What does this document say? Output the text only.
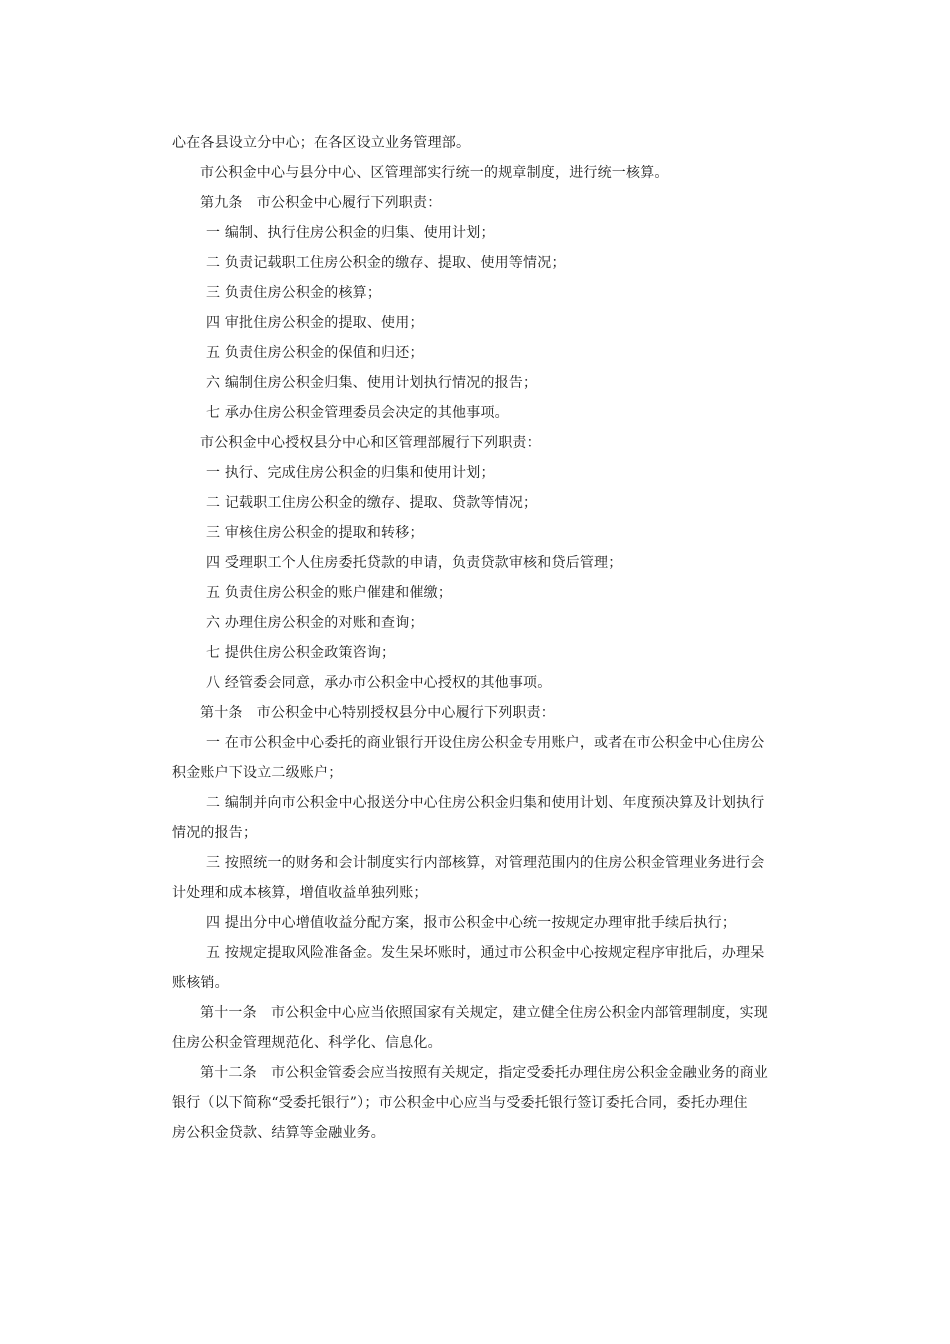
心在各县设立分中心；在各区设立业务管理部。
市公积金中心与县分中心、区管理部实行统一的规章制度，进行统一核算。
第九条　市公积金中心履行下列职责：
一 编制、执行住房公积金的归集、使用计划；
二 负责记载职工住房公积金的缴存、提取、使用等情况；
三 负责住房公积金的核算；
四 审批住房公积金的提取、使用；
五 负责住房公积金的保值和归还；
六 编制住房公积金归集、使用计划执行情况的报告；
七 承办住房公积金管理委员会决定的其他事项。
市公积金中心授权县分中心和区管理部履行下列职责：
一 执行、完成住房公积金的归集和使用计划；
二 记载职工住房公积金的缴存、提取、贷款等情况；
三 审核住房公积金的提取和转移；
四 受理职工个人住房委托贷款的申请，负责贷款审核和贷后管理；
五 负责住房公积金的账户催建和催缴；
六 办理住房公积金的对账和查询；
七 提供住房公积金政策咨询；
八 经管委会同意，承办市公积金中心授权的其他事项。
第十条　市公积金中心特别授权县分中心履行下列职责：
一 在市公积金中心委托的商业银行开设住房公积金专用账户，或者在市公积金中心住房公
积金账户下设立二级账户；
二 编制并向市公积金中心报送分中心住房公积金归集和使用计划、年度预决算及计划执行
情况的报告；
三 按照统一的财务和会计制度实行内部核算，对管理范围内的住房公积金管理业务进行会
计处理和成本核算，增值收益单独列账；
四 提出分中心增值收益分配方案，报市公积金中心统一按规定办理审批手续后执行；
五 按规定提取风险准备金。发生呆坏账时，通过市公积金中心按规定程序审批后，办理呆
账核销。
第十一条　市公积金中心应当依照国家有关规定，建立健全住房公积金内部管理制度，实现
住房公积金管理规范化、科学化、信息化。
第十二条　市公积金管委会应当按照有关规定，指定受委托办理住房公积金金融业务的商业
银行（以下简称“受委托银行”）；市公积金中心应当与受委托银行签订委托合同，委托办理住
房公积金贷款、结算等金融业务。
